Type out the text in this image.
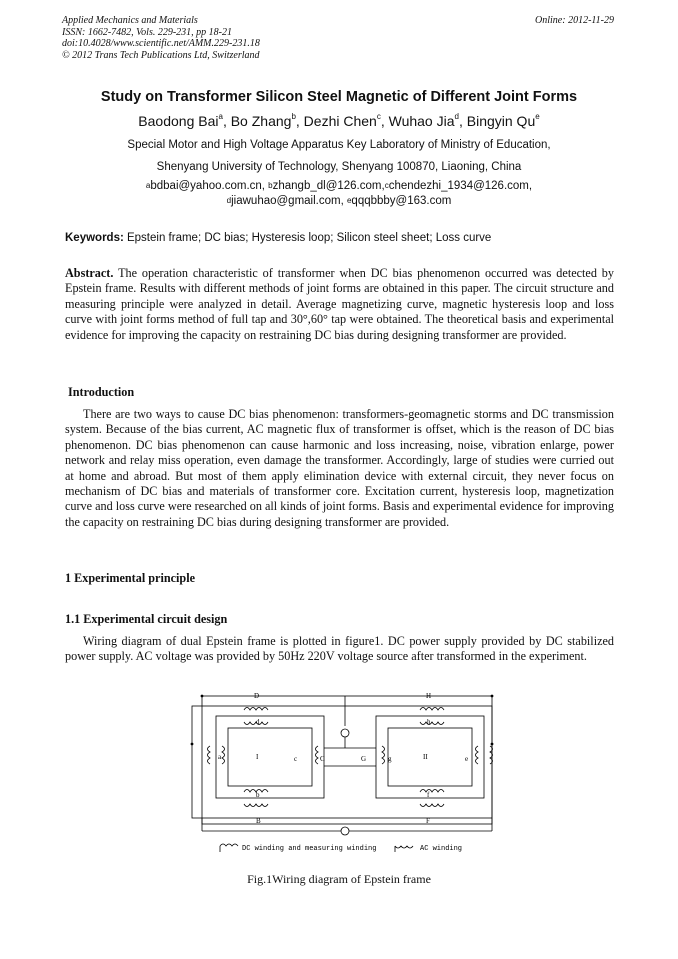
Applied Mechanics and Materials
ISSN: 1662-7482, Vols. 229-231, pp 18-21
doi:10.4028/www.scientific.net/AMM.229-231.18
© 2012 Trans Tech Publications Ltd, Switzerland
Online: 2012-11-29
Study on Transformer Silicon Steel Magnetic of Different Joint Forms
Baodong Bai$^a$, Bo Zhang$^b$, Dezhi Chen$^c$, Wuhao Jia$^d$, Bingyin Qu$^e$
Special Motor and High Voltage Apparatus Key Laboratory of Ministry of Education,
Shenyang University of Technology, Shenyang 100870, Liaoning, China
$^a$bdbai@yahoo.com.cn, $^b$zhangb_dl@126.com,$^c$chendezhi_1934@126.com,
$^d$jiawuhao@gmail.com, $^e$qqqbbby@163.com
Keywords: Epstein frame; DC bias; Hysteresis loop; Silicon steel sheet; Loss curve
Abstract. The operation characteristic of transformer when DC bias phenomenon occurred was detected by Epstein frame. Results with different methods of joint forms are obtained in this paper. The circuit structure and measuring principle were analyzed in detail. Average magnetizing curve, magnetic hysteresis loop and loss curve with joint forms method of full tap and 30°,60° tap were obtained. The theoretical basis and experimental evidence for improving the capacity on restraining DC bias during designing transformer are provided.
Introduction
There are two ways to cause DC bias phenomenon: transformers-geomagnetic storms and DC transmission system. Because of the bias current, AC magnetic flux of transformer is offset, which is the reason of DC bias phenomenon. DC bias phenomenon can cause harmonic and loss increasing, noise, vibration enlarge, power network and relay miss operation, even damage the transformer. Accordingly, large of studies were curried out at home and abroad. But most of them apply elimination device with external circuit, they never focus on mechanism of DC bias and materials of transformer core. Excitation current, hysteresis loop, magnetization curve and loss curve were researched on all kinds of joint forms. Basis and experimental evidence for improving the capacity on restraining DC bias during designing transformer are provided.
1 Experimental principle
1.1 Experimental circuit design
Wiring diagram of dual Epstein frame is plotted in figure1. DC power supply provided by DC stabilized power supply. AC voltage was provided by 50Hz 220V voltage source after transformed in the experiment.
D
d
H
h
a	I	c	C	G	g	II	e
b
B
f
F
DC winding and measuring winding	AC winding
Fig.1Wiring diagram of Epstein frame
